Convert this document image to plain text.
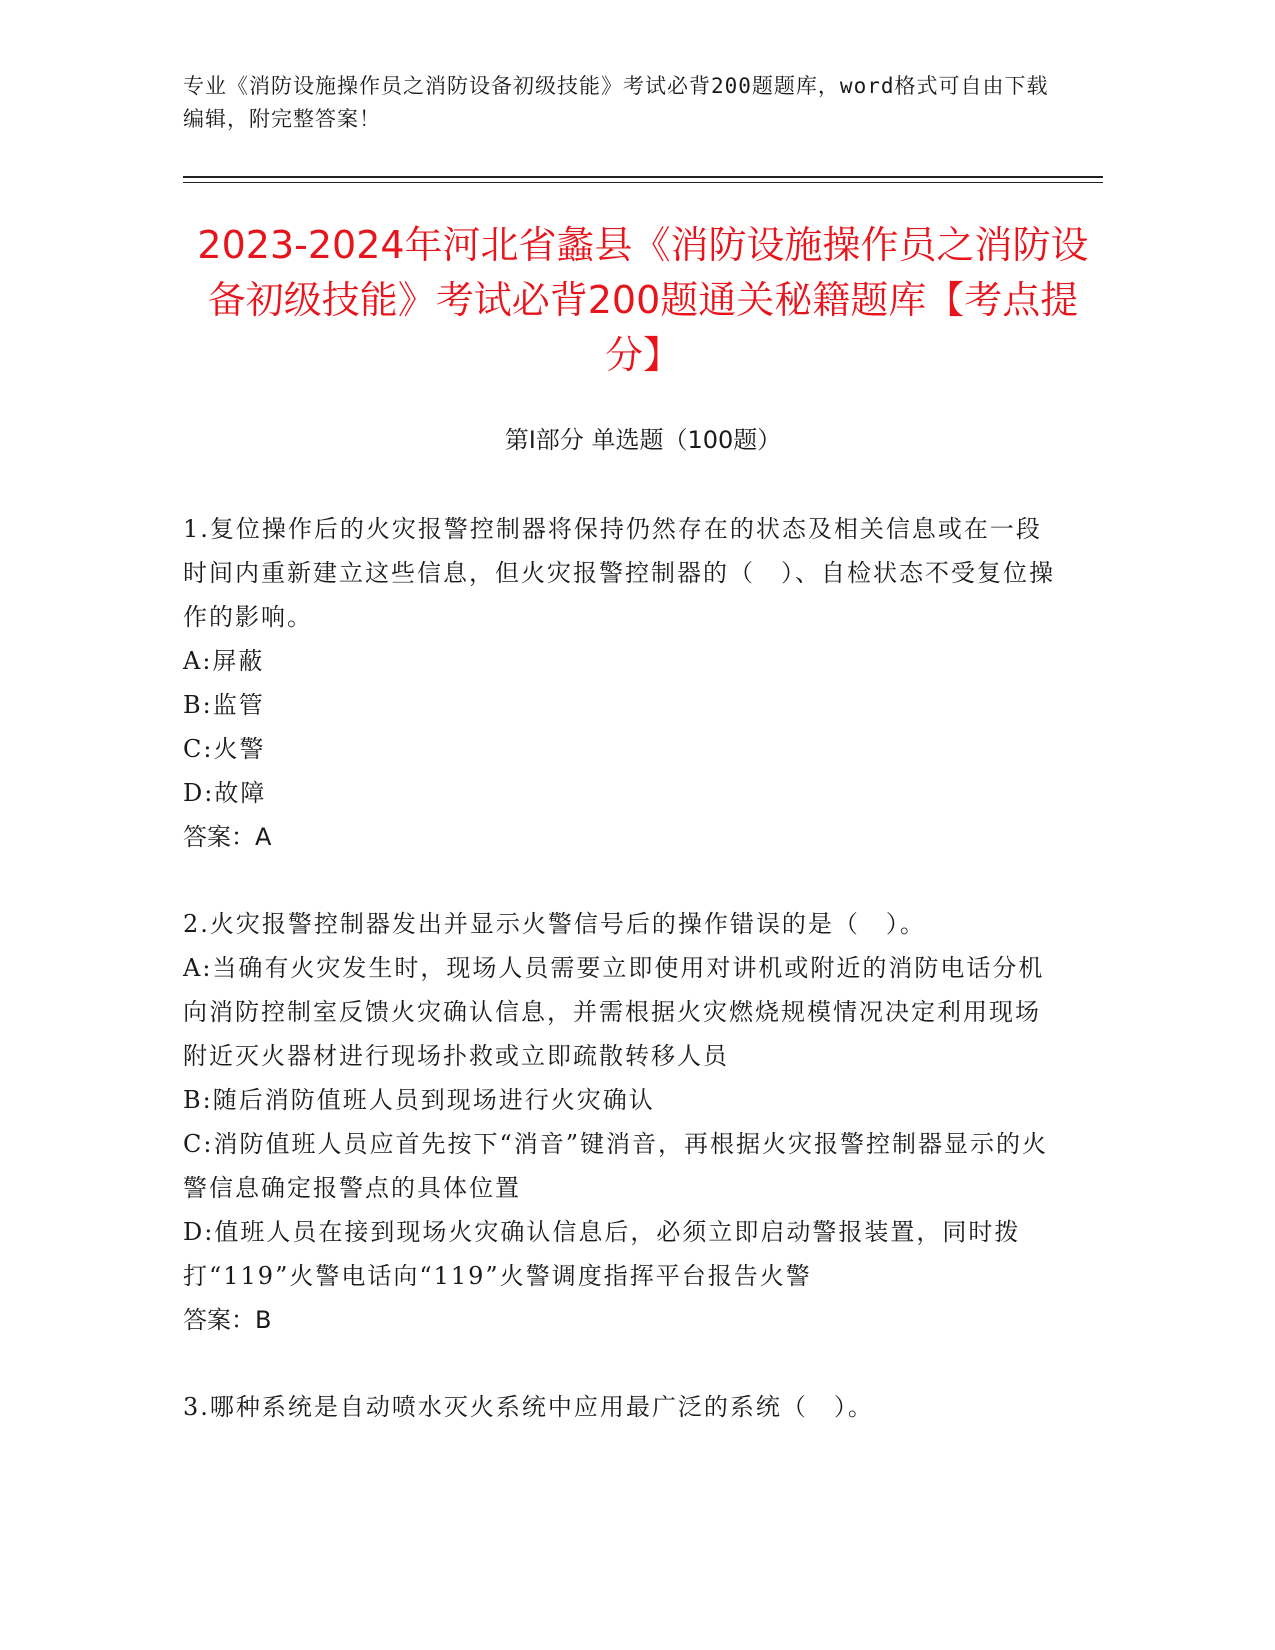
专业《消防设施操作员之消防设备初级技能》考试必背200题题库，word格式可自由下载编辑，附完整答案！
2023-2024年河北省蠡县《消防设施操作员之消防设备初级技能》考试必背200题通关秘籍题库【考点提分】
第Ⅰ部分 单选题（100题）

1.复位操作后的火灾报警控制器将保持仍然存在的状态及相关信息或在一段时间内重新建立这些信息，但火灾报警控制器的（　）、自检状态不受复位操作的影响。

A:屏蔽

B:监管

C:火警

D:故障

答案：A

2.火灾报警控制器发出并显示火警信号后的操作错误的是（　）。

A:当确有火灾发生时，现场人员需要立即使用对讲机或附近的消防电话分机向消防控制室反馈火灾确认信息，并需根据火灾燃烧规模情况决定利用现场附近灭火器材进行现场扑救或立即疏散转移人员

B:随后消防值班人员到现场进行火灾确认

C:消防值班人员应首先按下“消音”键消音，再根据火灾报警控制器显示的火警信息确定报警点的具体位置

D:值班人员在接到现场火灾确认信息后，必须立即启动警报装置，同时拨打“119”火警电话向“119”火警调度指挥平台报告火警

答案：B

3.哪种系统是自动喷水灭火系统中应用最广泛的系统（　）。
